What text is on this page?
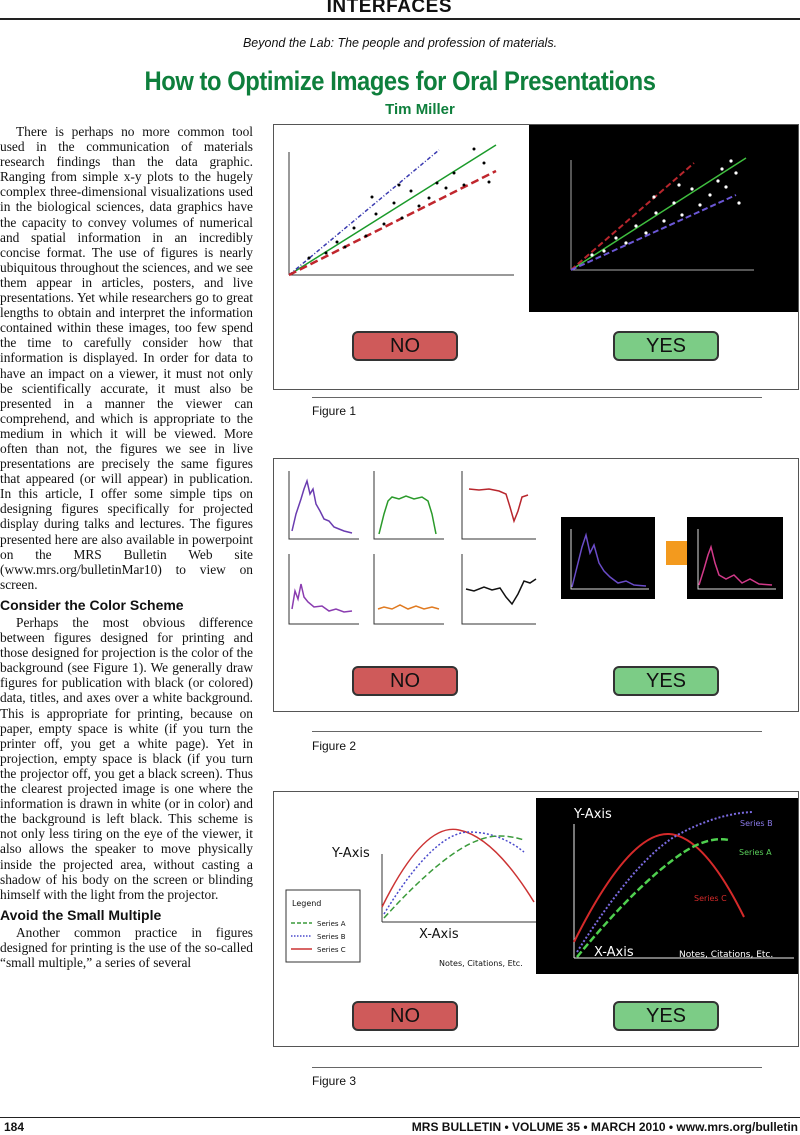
INTERFACES
Beyond the Lab: The people and profession of materials.
How to Optimize Images for Oral Presentations
Tim Miller

There is perhaps no more common tool used in the communication of materials research findings than the data graphic. Ranging from simple x-y plots to the hugely complex three-dimensional visualizations used in the biological sciences, data graphics have the capacity to convey volumes of numerical and spatial information in an incredibly concise format. The use of figures is nearly ubiquitous throughout the sciences, and we see them appear in articles, posters, and live presentations. Yet while researchers go to great lengths to obtain and interpret the information contained within these images, too few spend the time to carefully consider how that information is displayed. In order for data to have an impact on a viewer, it must not only be scientifically accurate, it must also be presented in a manner the viewer can comprehend, and which is appropriate to the medium in which it will be viewed. More often than not, the figures we see in live presentations are precisely the same figures that appeared (or will appear) in publication. In this article, I offer some simple tips on designing figures specifically for projected display during talks and lectures. The figures presented here are also available in powerpoint on the MRS Bulletin Web site (www.mrs.org/bulletinMar10) to view on screen.

Consider the Color Scheme

Perhaps the most obvious difference between figures designed for printing and those designed for projection is the color of the background (see Figure 1). We generally draw figures for publication with black (or colored) data, titles, and axes over a white background. This is appropriate for printing, because on paper, empty space is white (if you turn the printer off, you get a white page). Yet in projection, empty space is black (if you turn the projector off, you get a black screen). Thus the clearest projected image is one where the information is drawn in white (or in color) and the background is left black. This scheme is not only less tiring on the eye of the viewer, it also allows the speaker to move physically inside the projected area, without casting a shadow of his body on the screen or blinding himself with the light from the projector.

Avoid the Small Multiple

Another common practice in figures designed for printing is the use of the so-called “small multiple,” a series of several

NO	YES
Figure 1
NO	YES
Figure 2
Y-Axis
X-Axis
Notes, Citations, Etc.
Legend
Series A
Series B
Series C
Y-Axis
X-Axis
Series A
Series B
Series C
Notes, Citations, Etc.
NO	YES
Figure 3
184	MRS BULLETIN • VOLUME 35 • MARCH 2010 • www.mrs.org/bulletin
